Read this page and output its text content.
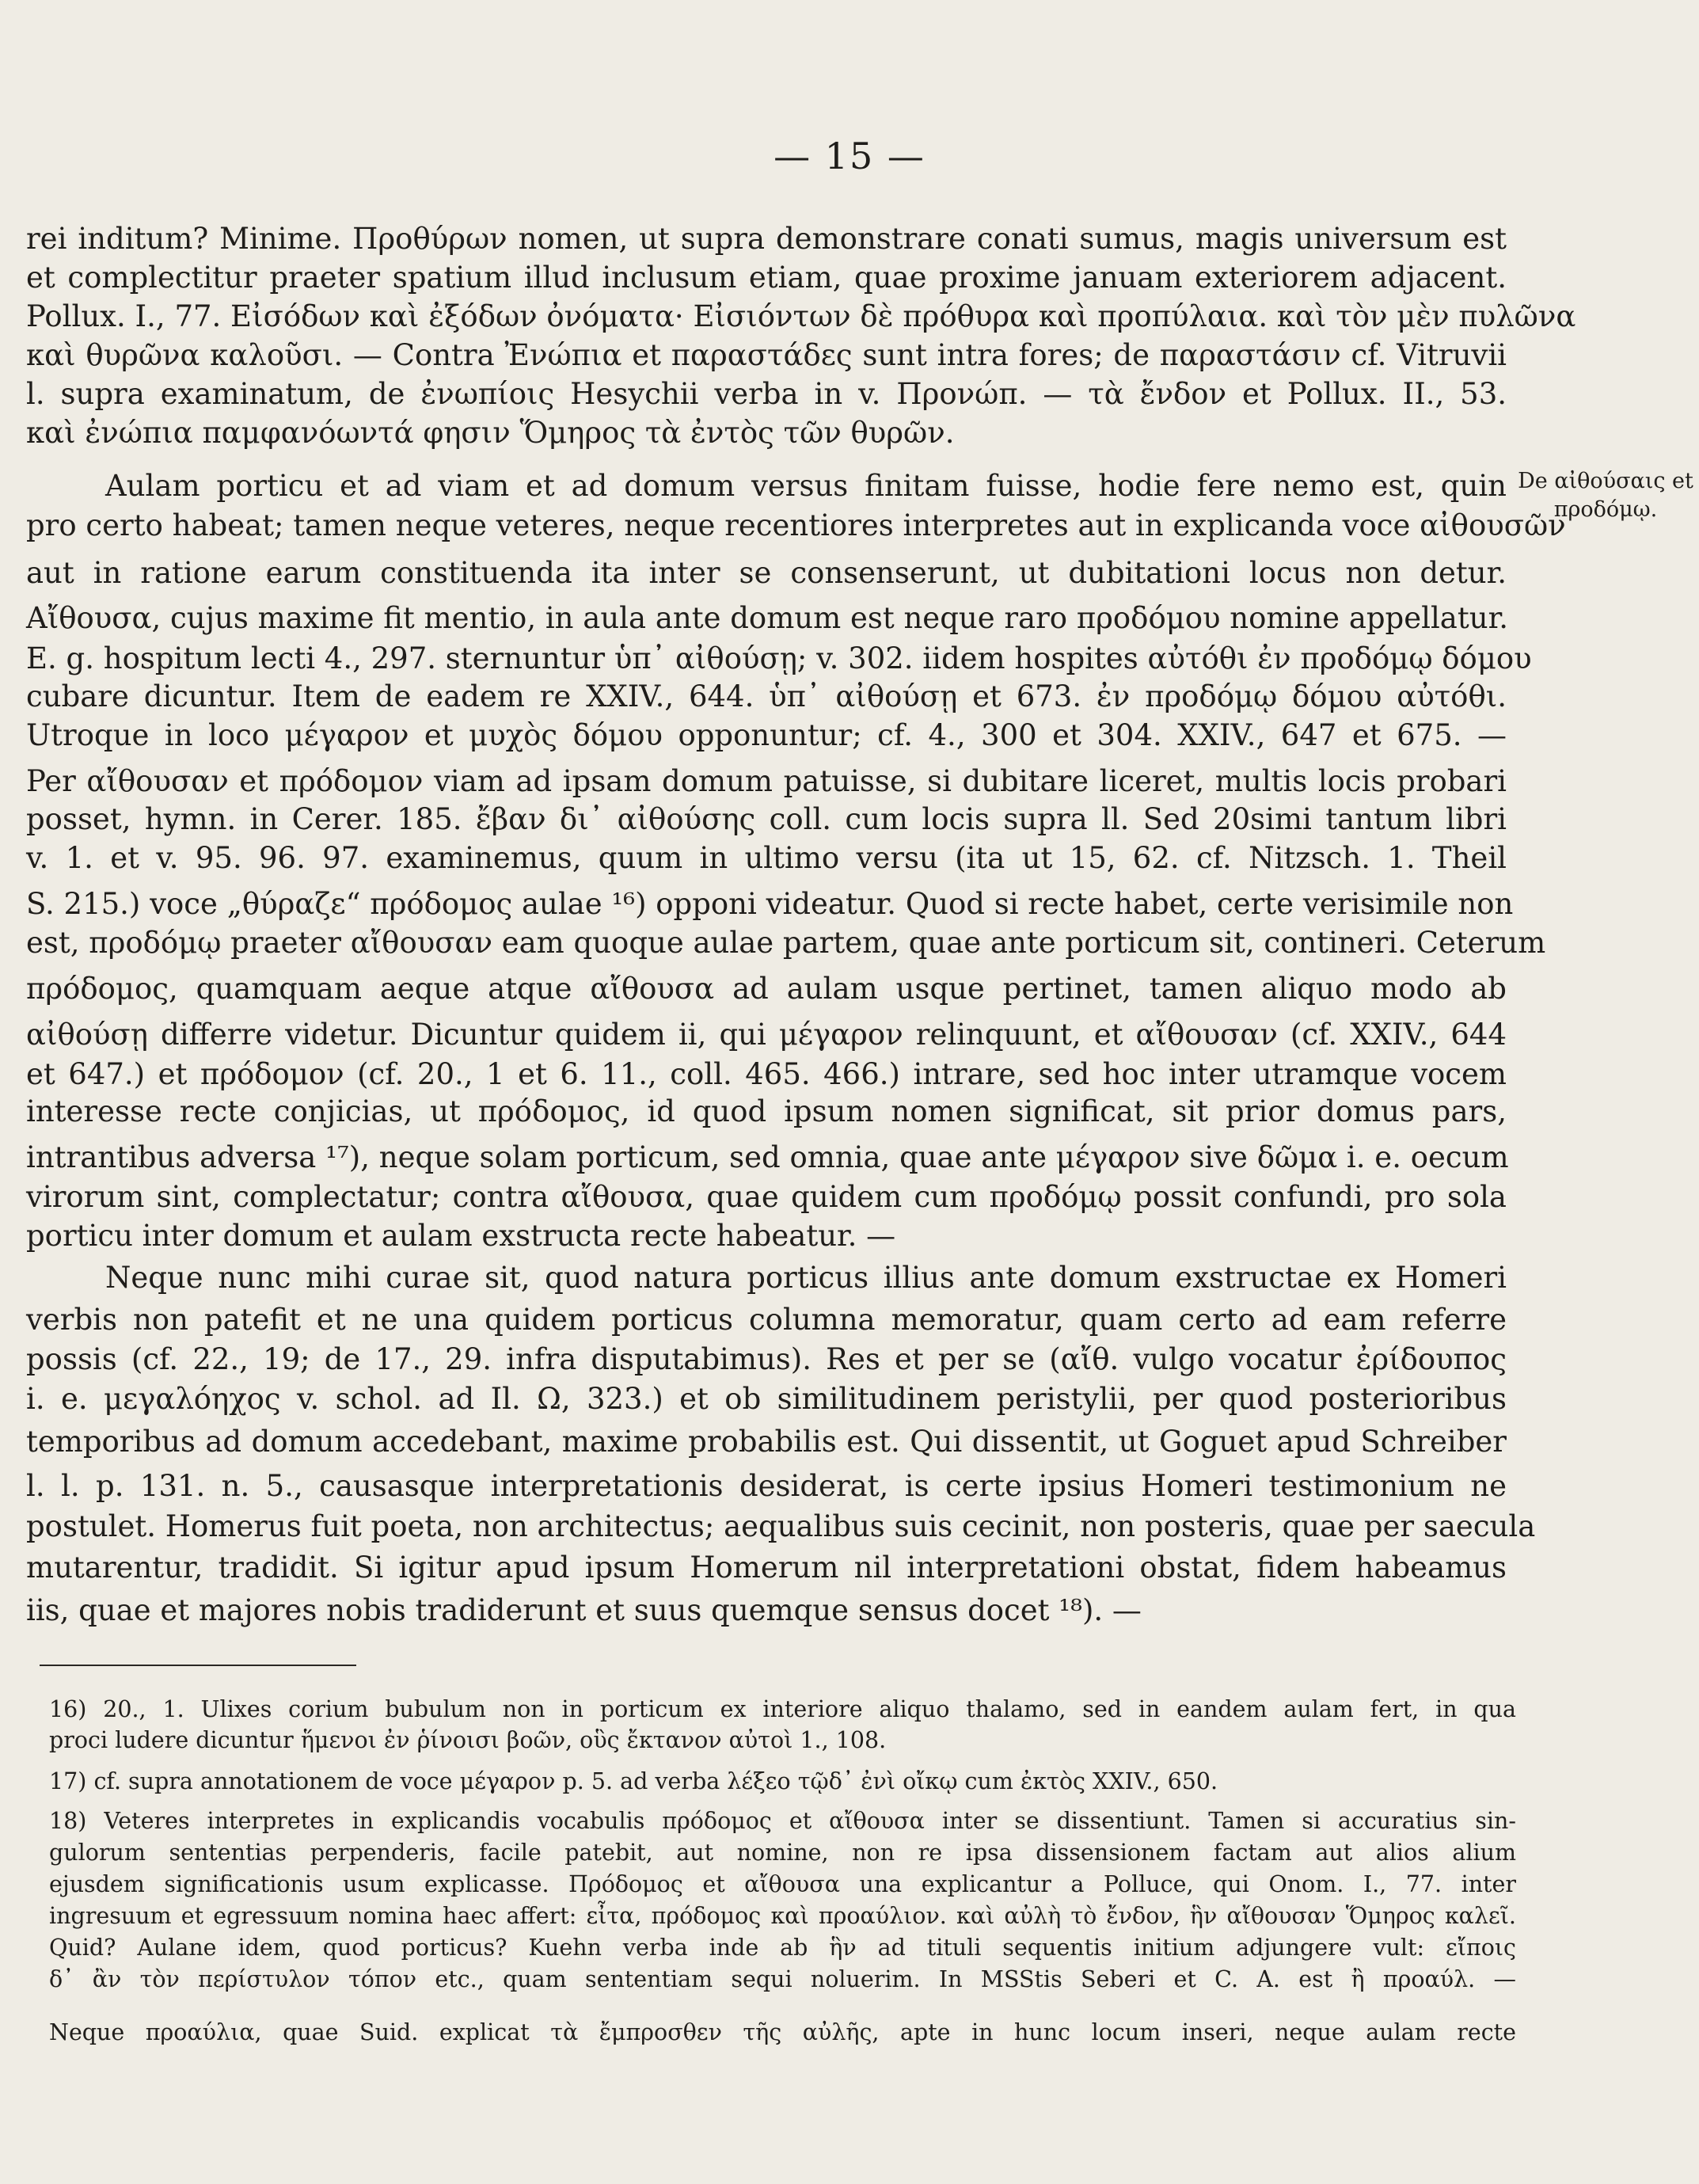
— 15 —
rei inditum? Minime. Προθύρων nomen, ut supra demonstrare conati sumus, magis universum est
et complectitur praeter spatium illud inclusum etiam, quae proxime januam exteriorem adjacent.
Pollux. I., 77. Εἰσόδων καὶ ἐξόδων ὀνόματα· Εἰσιόντων δὲ πρόθυρα καὶ προπύλαια. καὶ τὸν μὲν πυλῶνα
καὶ θυρῶνα καλοῦσι. — Contra Ἐνώπια et παραστάδες sunt intra fores; de παραστάσιν cf. Vitruvii
l. supra examinatum, de ἐνωπίοις Hesychii verba in v. Προνώπ. — τὰ ἔνδον et Pollux. II., 53.
καὶ ἐνώπια παμφανόωντά φησιν Ὅμηρος τὰ ἐντὸς τῶν θυρῶν.
Aulam porticu et ad viam et ad domum versus finitam fuisse, hodie fere nemo est, quin
pro certo habeat; tamen neque veteres, neque recentiores interpretes aut in explicanda voce αἰθουσῶν
aut in ratione earum constituenda ita inter se consenserunt, ut dubitationi locus non detur.
Αἴθουσα, cujus maxime fit mentio, in aula ante domum est neque raro προδόμου nomine appellatur.
E. g. hospitum lecti 4., 297. sternuntur ὑπ᾽ αἰθούσῃ; v. 302. iidem hospites αὐτόθι ἐν προδόμῳ δόμου
cubare dicuntur. Item de eadem re XXIV., 644. ὑπ᾽ αἰθούσῃ et 673. ἐν προδόμῳ δόμου αὐτόθι.
Utroque in loco μέγαρον et μυχὸς δόμου opponuntur; cf. 4., 300 et 304. XXIV., 647 et 675. —
Per αἴθουσαν et πρόδομον viam ad ipsam domum patuisse, si dubitare liceret, multis locis probari
posset, hymn. in Cerer. 185. ἔβαν δι᾽ αἰθούσης coll. cum locis supra ll. Sed 20simi tantum libri
v. 1. et v. 95. 96. 97. examinemus, quum in ultimo versu (ita ut 15, 62. cf. Nitzsch. 1. Theil
S. 215.) voce „θύραζε“ πρόδομος aulae ¹⁶) opponi videatur. Quod si recte habet, certe verisimile non
est, προδόμῳ praeter αἴθουσαν eam quoque aulae partem, quae ante porticum sit, contineri. Ceterum
πρόδομος, quamquam aeque atque αἴθουσα ad aulam usque pertinet, tamen aliquo modo ab
αἰθούσῃ differre videtur. Dicuntur quidem ii, qui μέγαρον relinquunt, et αἴθουσαν (cf. XXIV., 644
et 647.) et πρόδομον (cf. 20., 1 et 6. 11., coll. 465. 466.) intrare, sed hoc inter utramque vocem
interesse recte conjicias, ut πρόδομος, id quod ipsum nomen significat, sit prior domus pars,
intrantibus adversa ¹⁷), neque solam porticum, sed omnia, quae ante μέγαρον sive δῶμα i. e. oecum
virorum sint, complectatur; contra αἴθουσα, quae quidem cum προδόμῳ possit confundi, pro sola
porticu inter domum et aulam exstructa recte habeatur. —
Neque nunc mihi curae sit, quod natura porticus illius ante domum exstructae ex Homeri
verbis non patefit et ne una quidem porticus columna memoratur, quam certo ad eam referre
possis (cf. 22., 19; de 17., 29. infra disputabimus). Res et per se (αἴθ. vulgo vocatur ἐρίδουπος
i. e. μεγαλόηχος v. schol. ad Il. Ω, 323.) et ob similitudinem peristylii, per quod posterioribus
temporibus ad domum accedebant, maxime probabilis est. Qui dissentit, ut Goguet apud Schreiber
l. l. p. 131. n. 5., causasque interpretationis desiderat, is certe ipsius Homeri testimonium ne
postulet. Homerus fuit poeta, non architectus; aequalibus suis cecinit, non posteris, quae per saecula
mutarentur, tradidit. Si igitur apud ipsum Homerum nil interpretationi obstat, fidem habeamus
iis, quae et majores nobis tradiderunt et suus quemque sensus docet ¹⁸). —
De αἰθούσαις et
προδόμῳ.
16) 20., 1. Ulixes corium bubulum non in porticum ex interiore aliquo thalamo, sed in eandem aulam fert, in qua
proci ludere dicuntur ἥμενοι ἐν ῥίνοισι βοῶν, οὓς ἔκτανον αὐτοὶ 1., 108.
17) cf. supra annotationem de voce μέγαρον p. 5. ad verba λέξεο τῷδ᾽ ἐνὶ οἴκῳ cum ἐκτὸς XXIV., 650.
18) Veteres interpretes in explicandis vocabulis πρόδομος et αἴθουσα inter se dissentiunt. Tamen si accuratius sin-
gulorum sententias perpenderis, facile patebit, aut nomine, non re ipsa dissensionem factam aut alios alium
ejusdem significationis usum explicasse. Πρόδομος et αἴθουσα una explicantur a Polluce, qui Onom. I., 77. inter
ingresuum et egressuum nomina haec affert: εἶτα, πρόδομος καὶ προαύλιον. καὶ αὐλὴ τὸ ἔνδον, ἣν αἴθουσαν Ὅμηρος καλεῖ.
Quid? Aulane idem, quod porticus? Kuehn verba inde ab ἣν ad tituli sequentis initium adjungere vult: εἴποις
δ᾽ ἂν τὸν περίστυλον τόπον etc., quam sententiam sequi noluerim. In MSStis Seberi et C. A. est ἢ προαύλ. —
Neque προαύλια, quae Suid. explicat τὰ ἔμπροσθεν τῆς αὐλῆς, apte in hunc locum inseri, neque aulam recte
